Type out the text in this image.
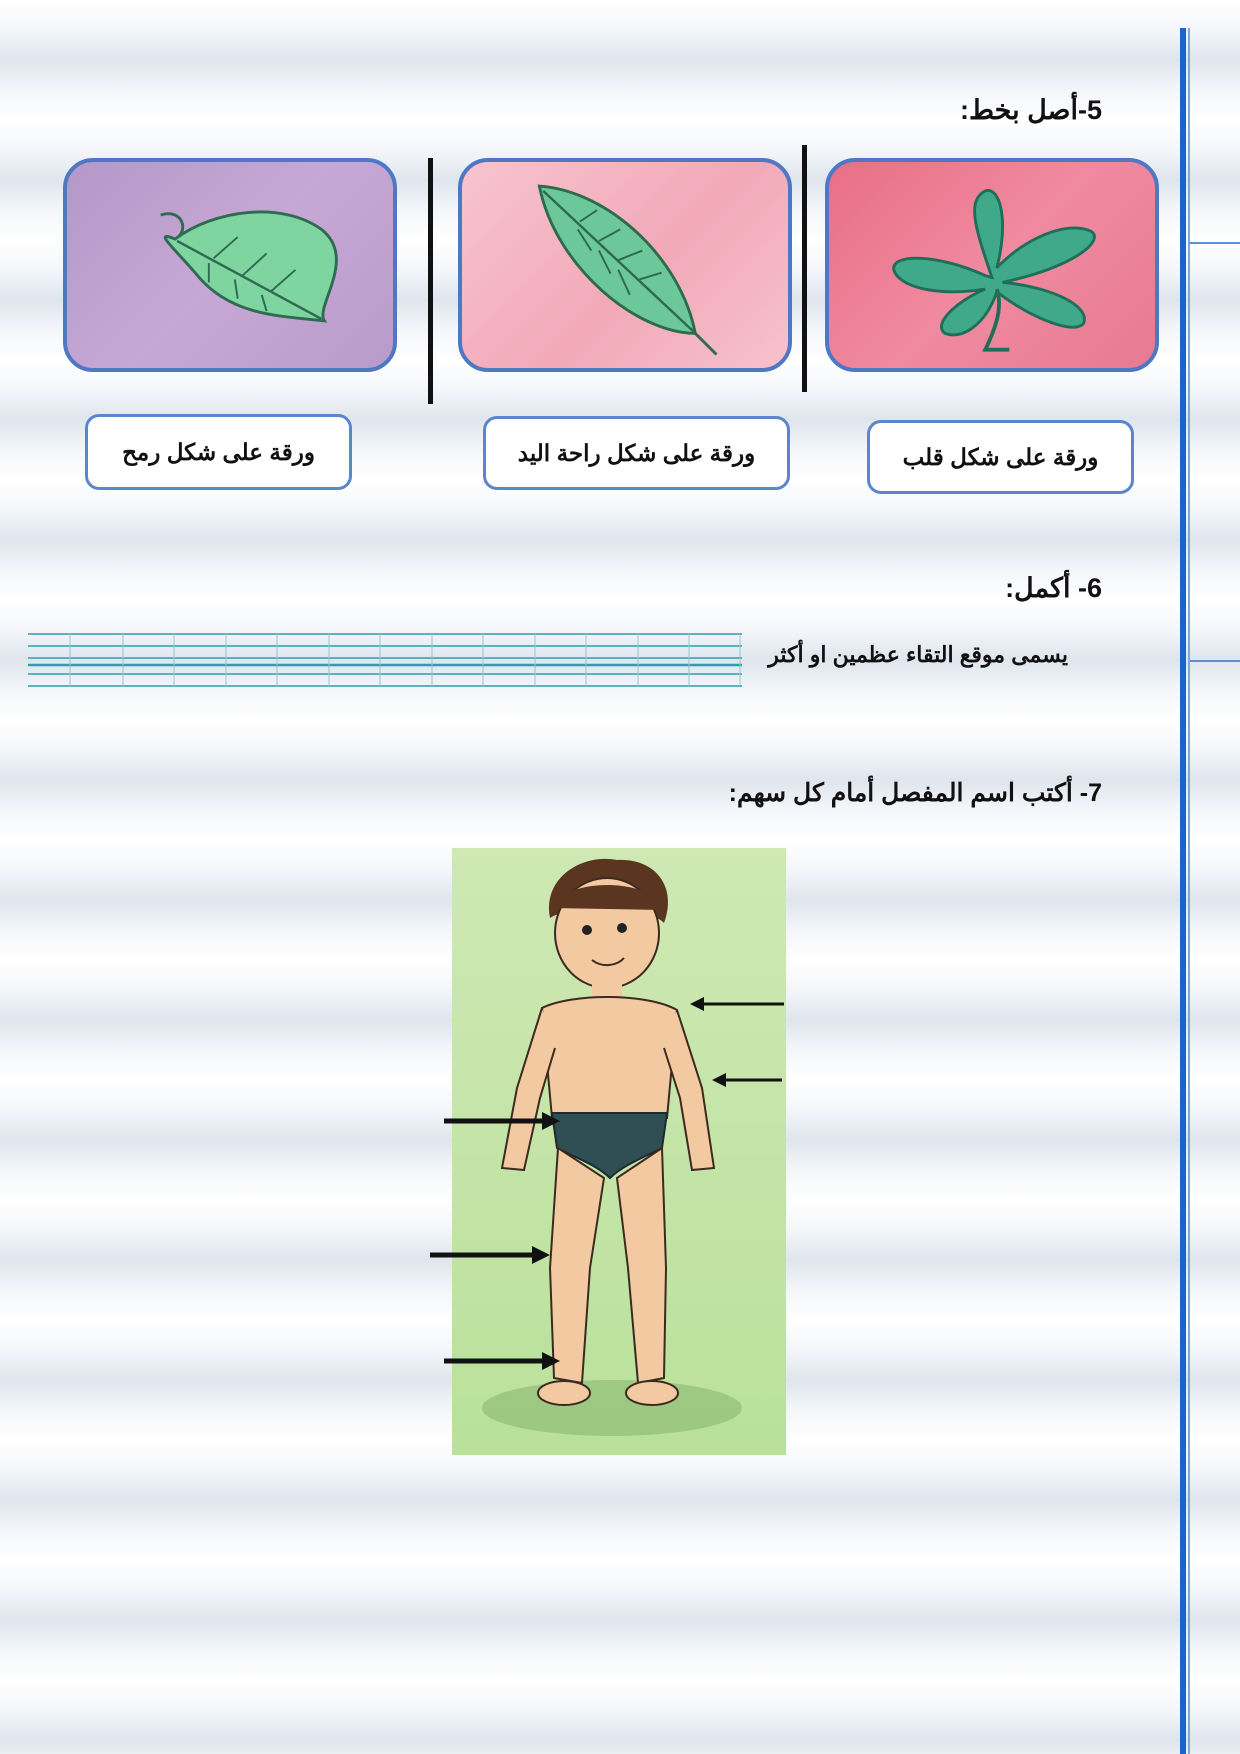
5-أصل بخط:
ورقة على شكل قلب
ورقة على شكل راحة اليد
ورقة على شكل رمح
6- أكمل:
يسمى موقع التقاء عظمين او أكثر
7- أكتب اسم المفصل أمام كل سهم:
